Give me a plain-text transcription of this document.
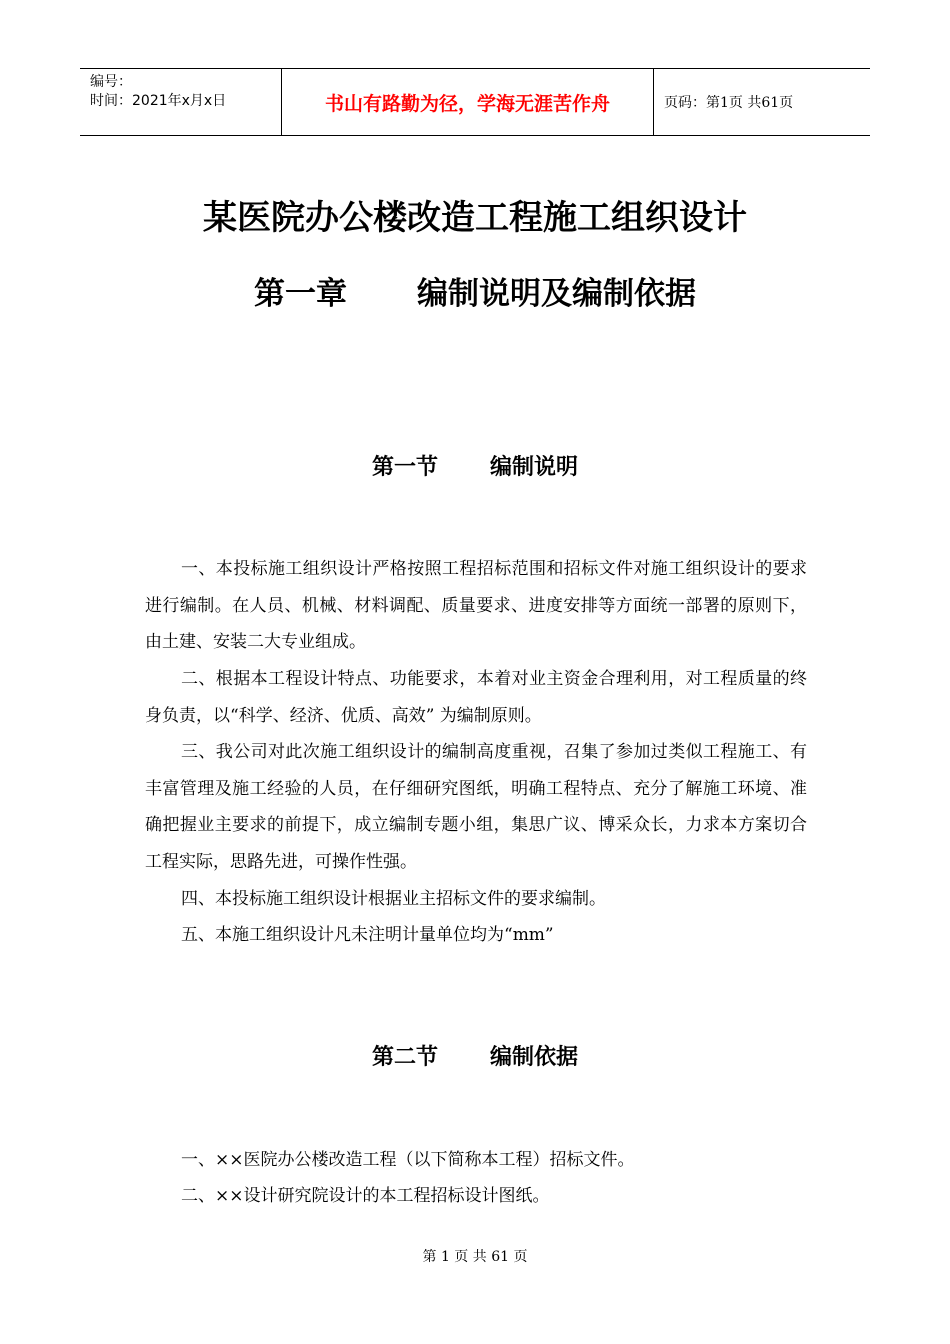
编号：
时间：2021年x月x日	书山有路勤为径，学海无涯苦作舟	页码：第1页 共61页
某医院办公楼改造工程施工组织设计
第一章 编制说明及编制依据
第一节 编制说明
一、本投标施工组织设计严格按照工程招标范围和招标文件对施工组织设计的要求进行编制。在人员、机械、材料调配、质量要求、进度安排等方面统一部署的原则下，由土建、安装二大专业组成。
二、根据本工程设计特点、功能要求，本着对业主资金合理利用，对工程质量的终身负责，以“科学、经济、优质、高效” 为编制原则。
三、我公司对此次施工组织设计的编制高度重视，召集了参加过类似工程施工、有丰富管理及施工经验的人员，在仔细研究图纸，明确工程特点、充分了解施工环境、准确把握业主要求的前提下，成立编制专题小组，集思广议、博采众长，力求本方案切合工程实际，思路先进，可操作性强。
四、本投标施工组织设计根据业主招标文件的要求编制。
五、本施工组织设计凡未注明计量单位均为“mm”
第二节 编制依据
一、××医院办公楼改造工程（以下简称本工程）招标文件。
二、××设计研究院设计的本工程招标设计图纸。
第 1 页 共 61 页
